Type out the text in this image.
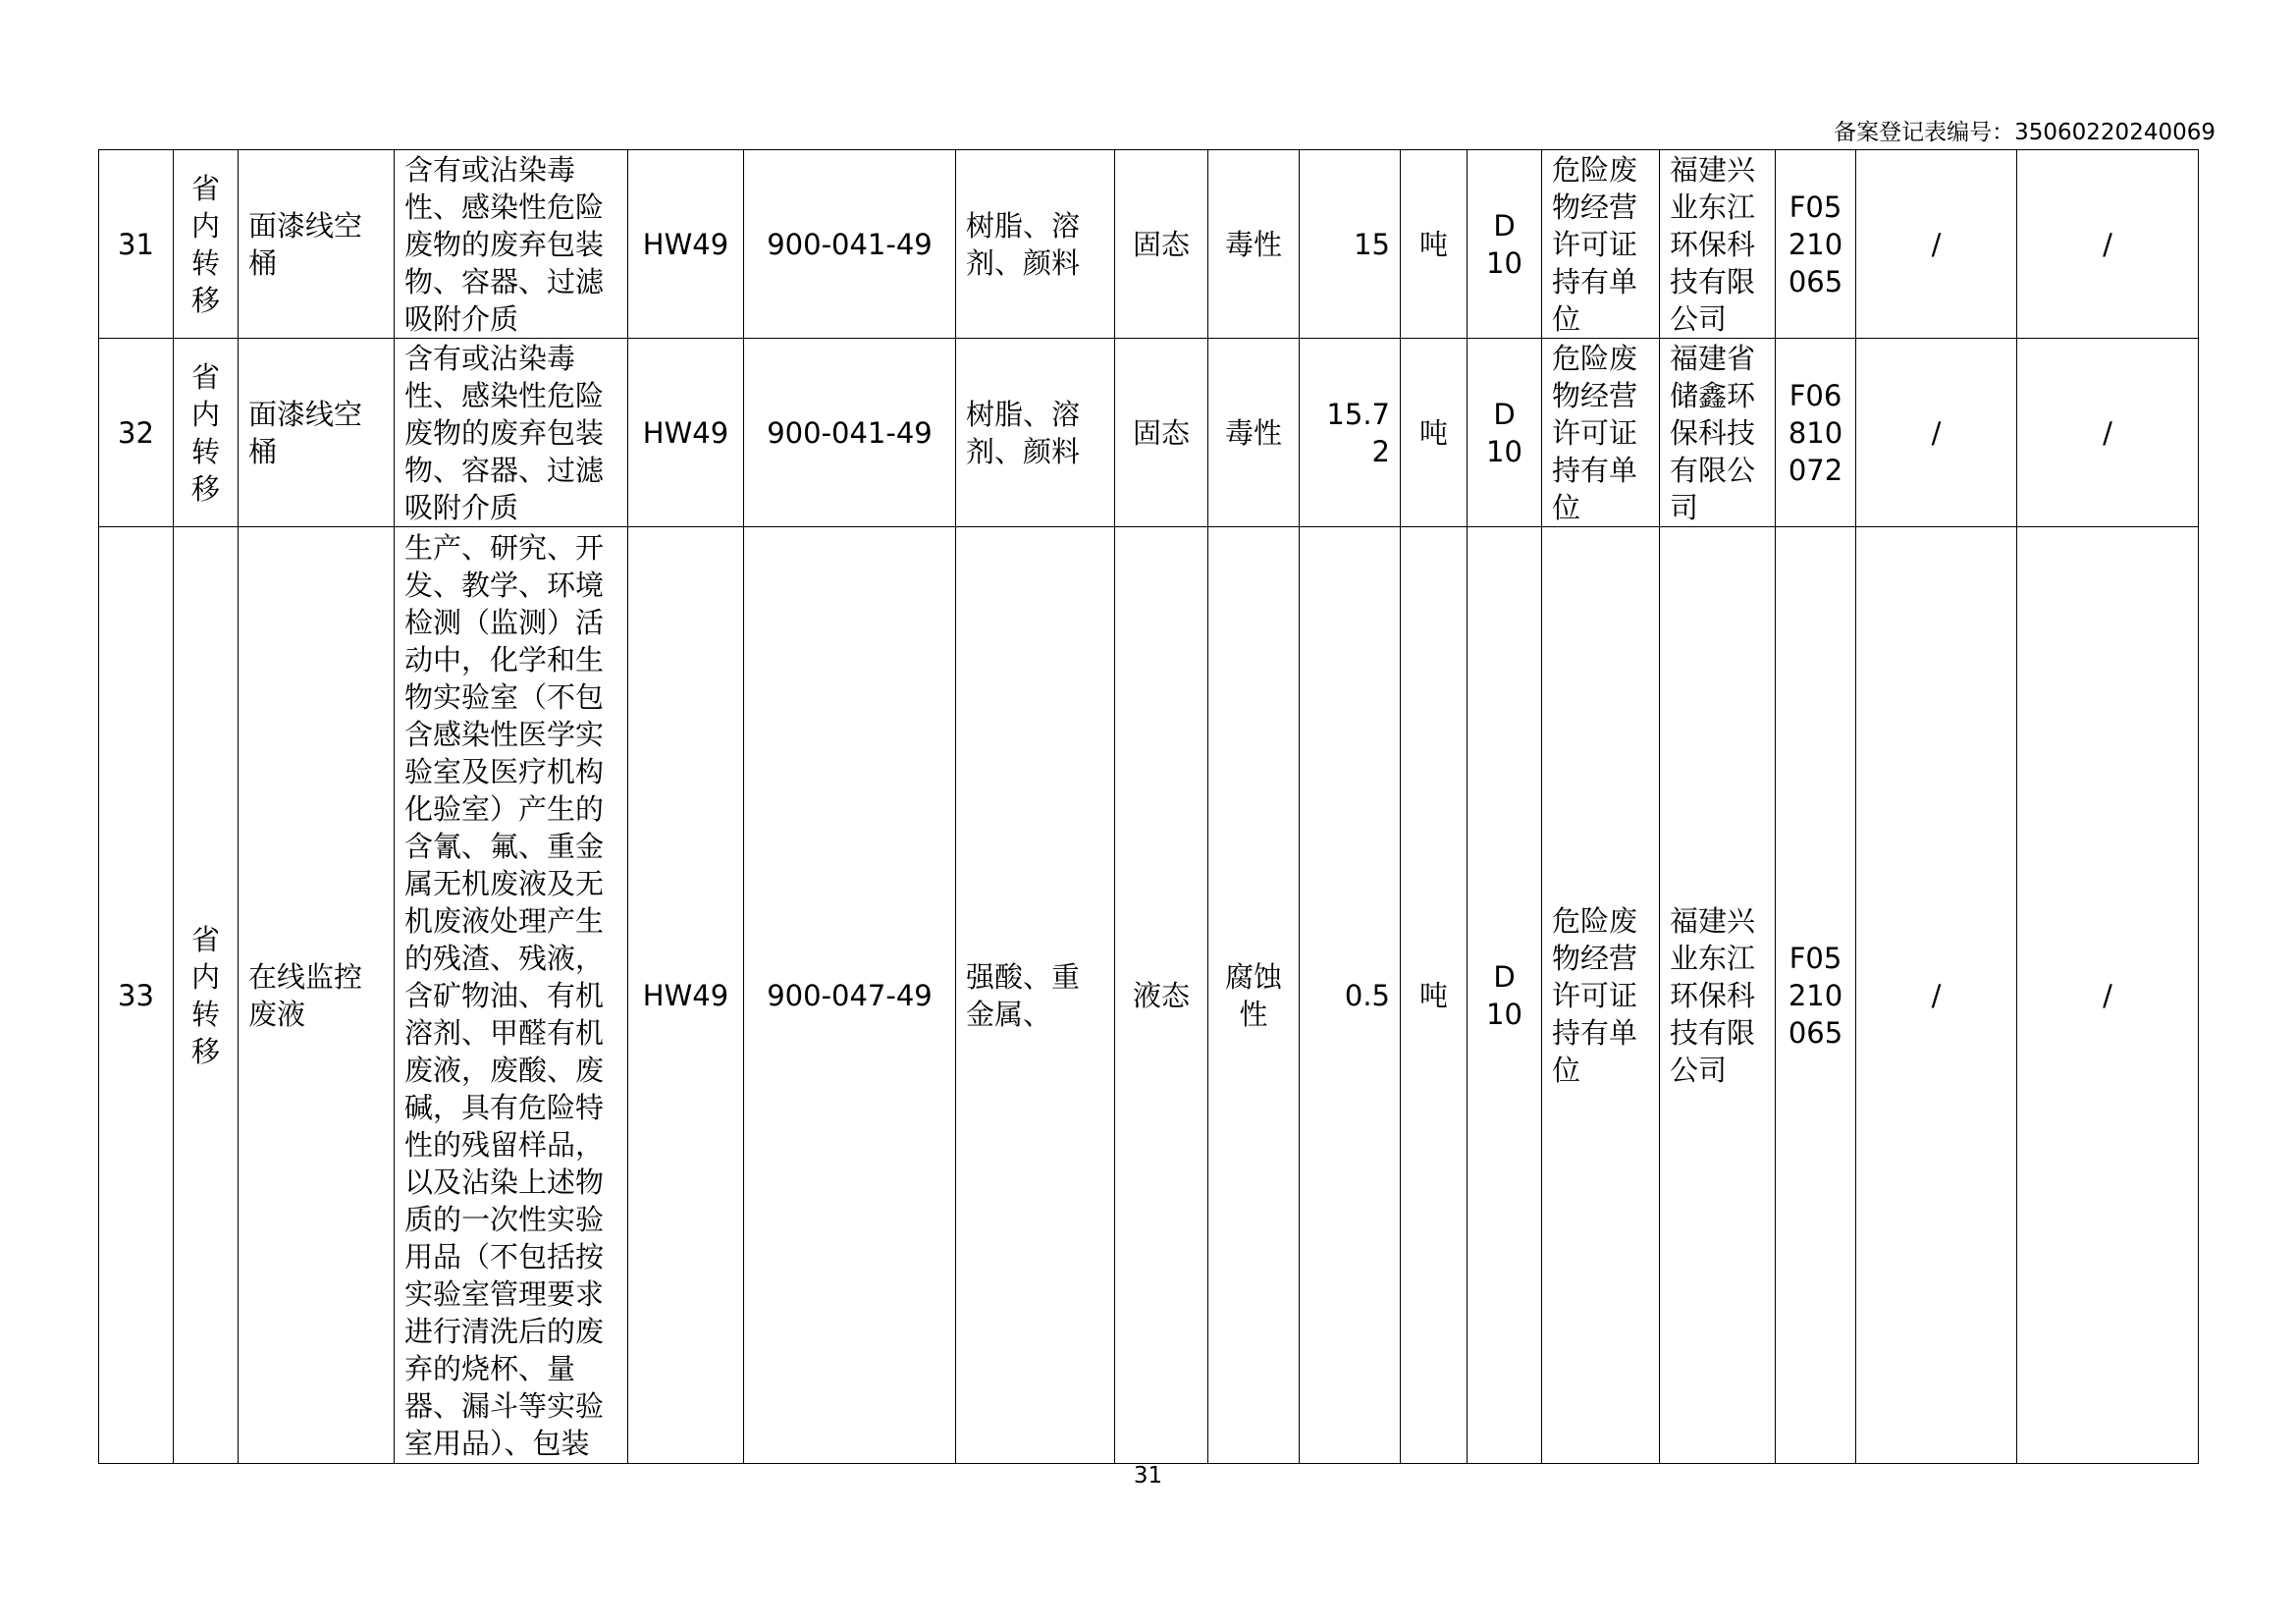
备案登记表编号：35060220240069
31	省内转移	面漆线空桶	含有或沾染毒性、感染性危险废物的废弃包装物、容器、过滤吸附介质	HW49	900-041-49	树脂、溶剂、颜料	固态	毒性	15	吨	D10	危险废物经营许可证持有单位	福建兴业东江环保科技有限公司	F05210065	/	/
32	省内转移	面漆线空桶	含有或沾染毒性、感染性危险废物的废弃包装物、容器、过滤吸附介质	HW49	900-041-49	树脂、溶剂、颜料	固态	毒性	15.72	吨	D10	危险废物经营许可证持有单位	福建省储鑫环保科技有限公司	F06810072	/	/
33	省内转移	在线监控废液	生产、研究、开发、教学、环境检测（监测）活动中，化学和生物实验室（不包含感染性医学实验室及医疗机构化验室）产生的含氰、氟、重金属无机废液及无机废液处理产生的残渣、残液，含矿物油、有机溶剂、甲醛有机废液，废酸、废碱，具有危险特性的残留样品，以及沾染上述物质的一次性实验用品（不包括按实验室管理要求进行清洗后的废弃的烧杯、量器、漏斗等实验室用品）、包装	HW49	900-047-49	强酸、重金属、	液态	腐蚀性	0.5	吨	D10	危险废物经营许可证持有单位	福建兴业东江环保科技有限公司	F05210065	/	/
31
